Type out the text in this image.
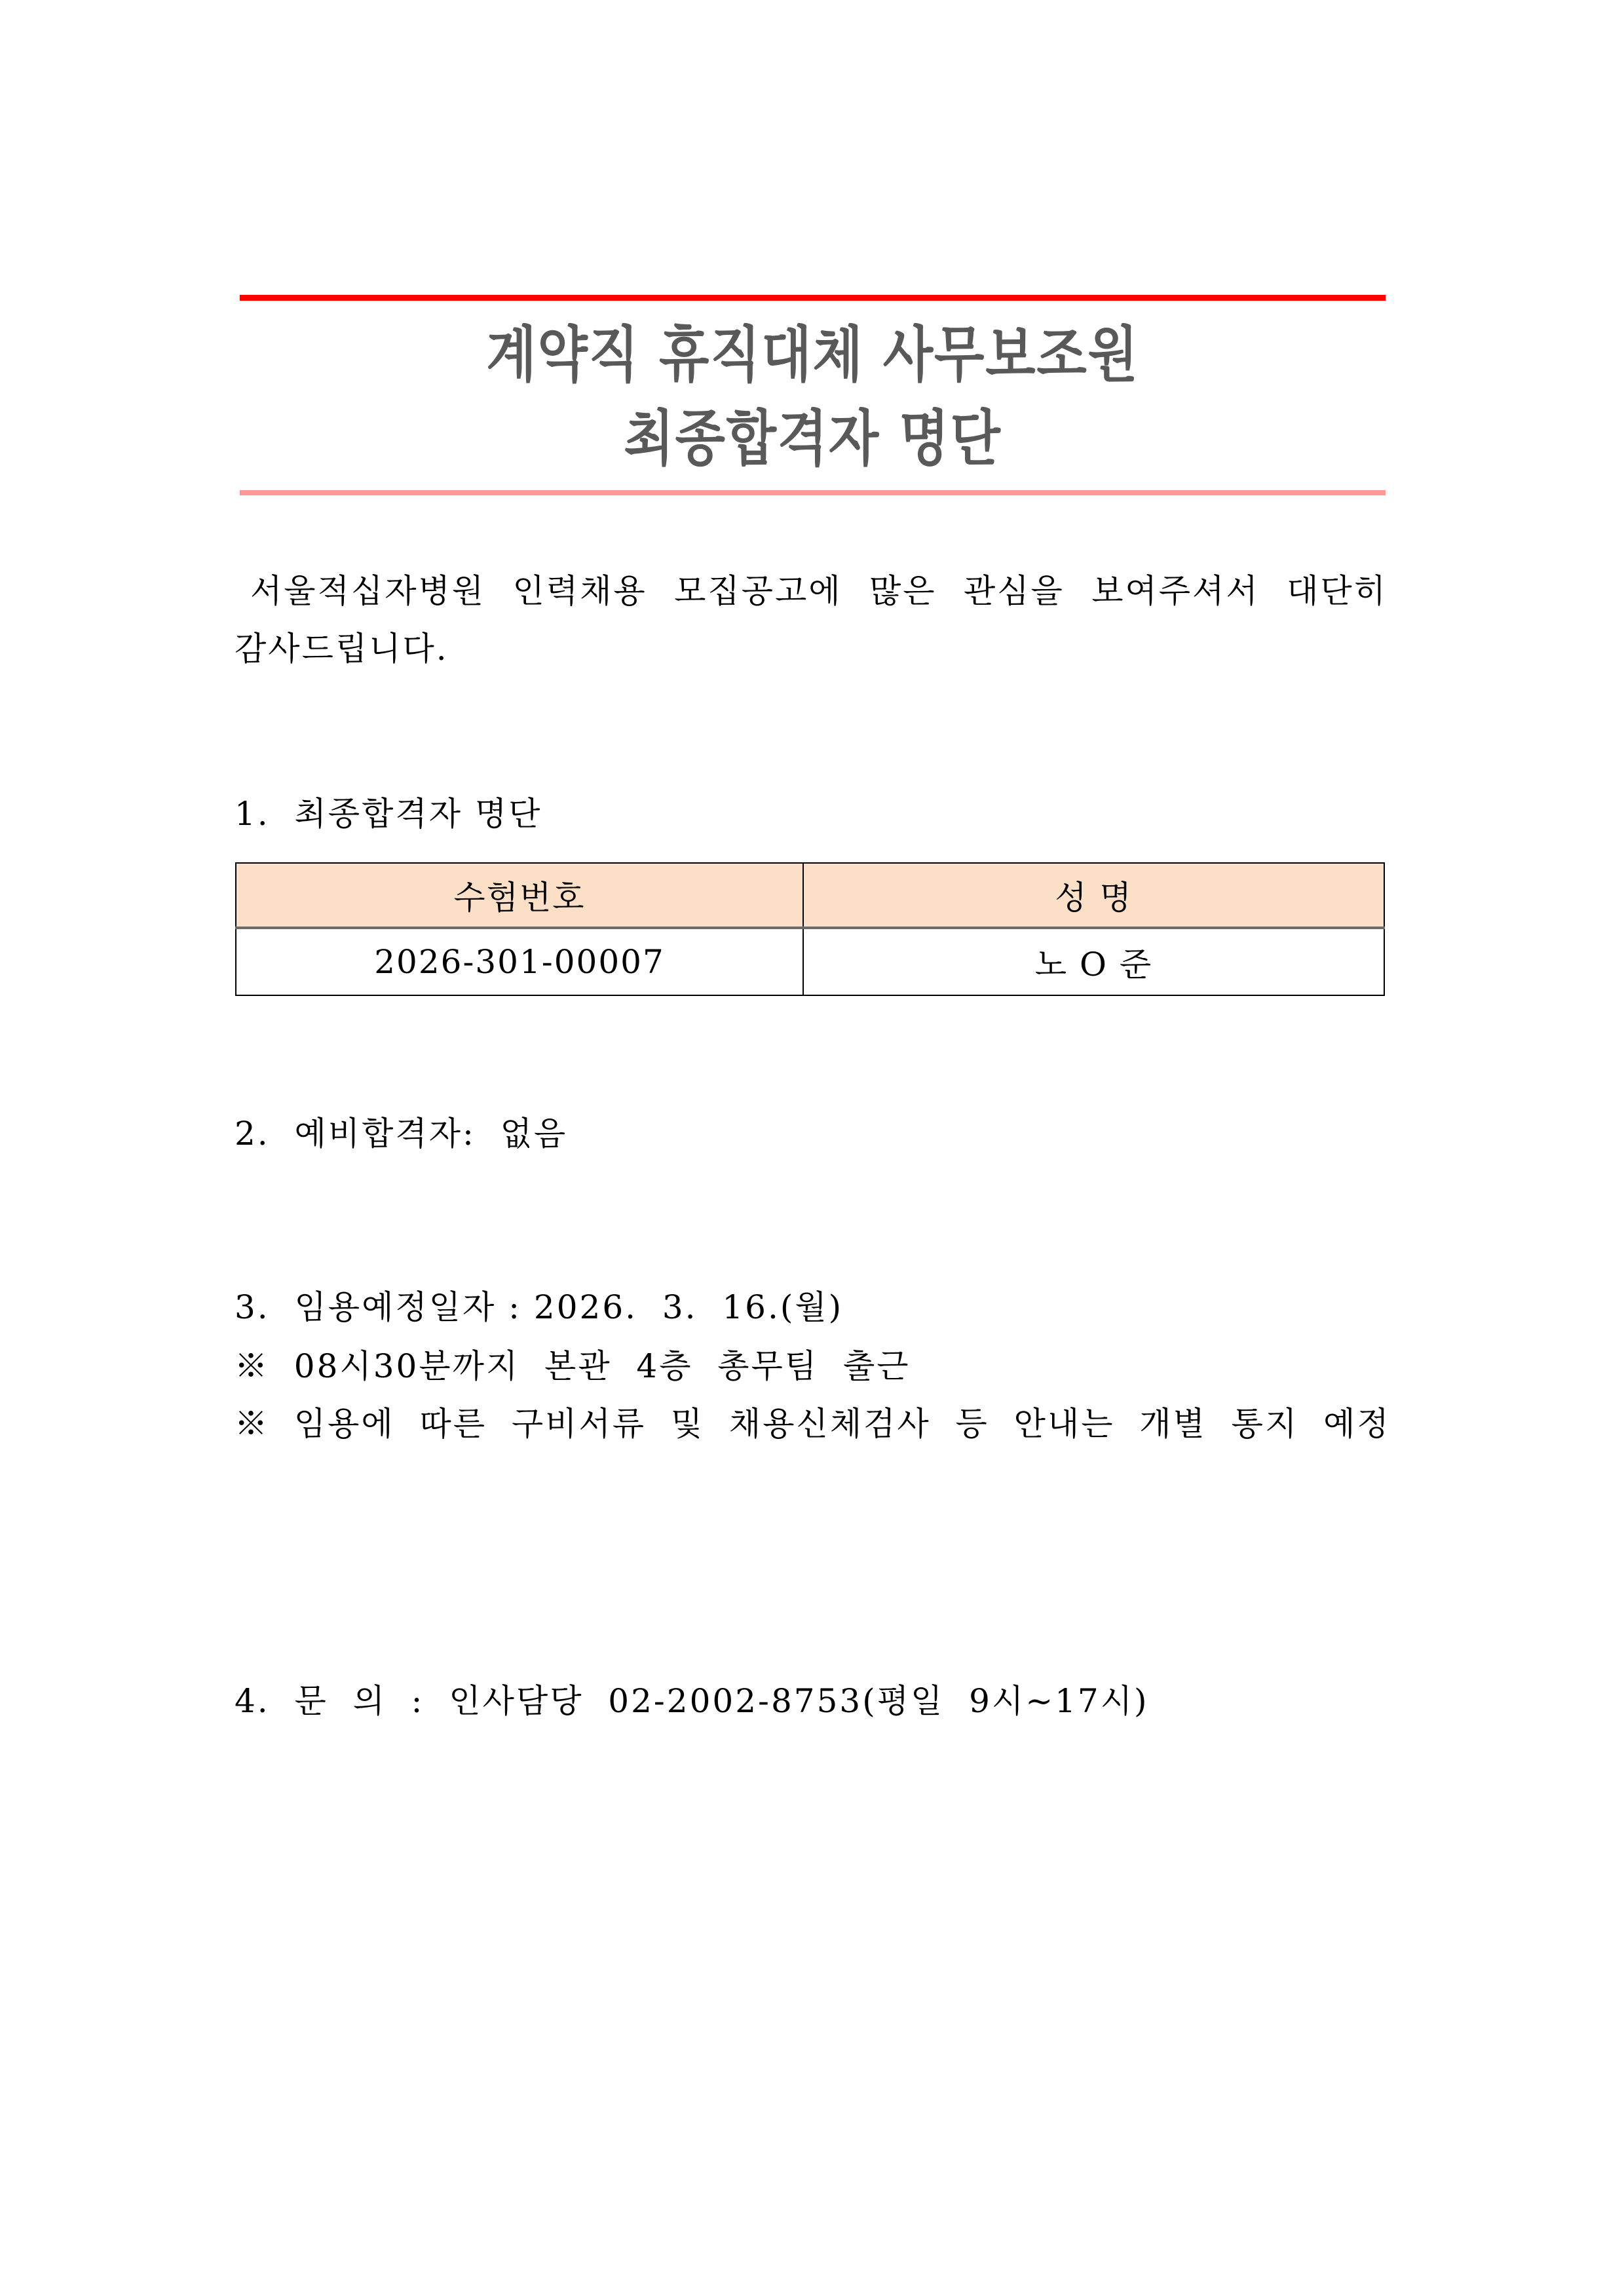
계약직 휴직대체 사무보조원
최종합격자 명단
서울적십자병원 인력채용 모집공고에 많은 관심을 보여주셔서 대단히
감사드립니다.
1.  최종합격자 명단
수험번호	성 명
2026-301-00007	노 O 준
2.  예비합격자:  없음
3.  임용예정일자 : 2026.  3.  16.(월)
※  08시30분까지  본관  4층  총무팀  출근
※  임용에  따른  구비서류  및  채용신체검사  등  안내는  개별  통지  예정
4.  문  의  :  인사담당  02-2002-8753(평일  9시~17시)
